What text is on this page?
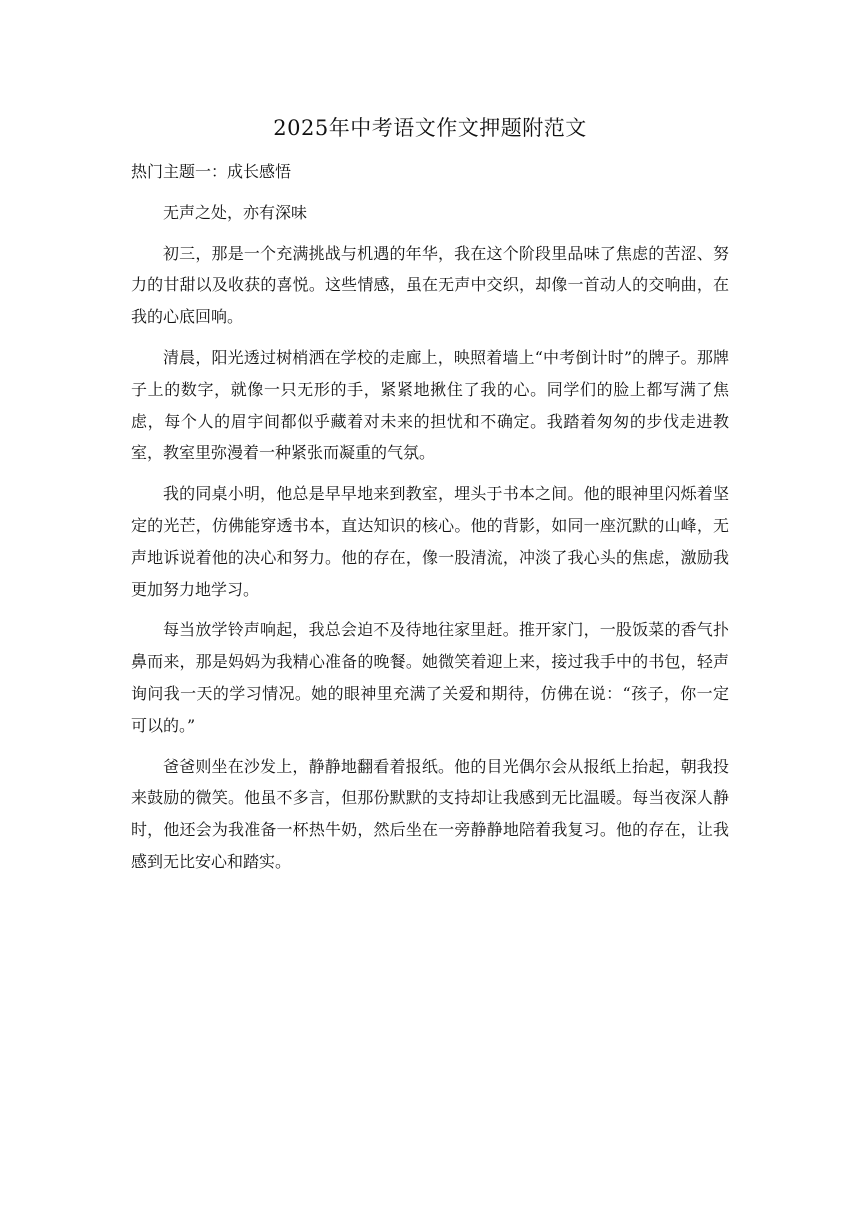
2025年中考语文作文押题附范文

热门主题一：成长感悟

无声之处，亦有深味

初三，那是一个充满挑战与机遇的年华，我在这个阶段里品味了焦虑的苦涩、努力的甘甜以及收获的喜悦。这些情感，虽在无声中交织，却像一首动人的交响曲，在我的心底回响。

清晨，阳光透过树梢洒在学校的走廊上，映照着墙上“中考倒计时”的牌子。那牌子上的数字，就像一只无形的手，紧紧地揪住了我的心。同学们的脸上都写满了焦虑，每个人的眉宇间都似乎藏着对未来的担忧和不确定。我踏着匆匆的步伐走进教室，教室里弥漫着一种紧张而凝重的气氛。

我的同桌小明，他总是早早地来到教室，埋头于书本之间。他的眼神里闪烁着坚定的光芒，仿佛能穿透书本，直达知识的核心。他的背影，如同一座沉默的山峰，无声地诉说着他的决心和努力。他的存在，像一股清流，冲淡了我心头的焦虑，激励我更加努力地学习。

每当放学铃声响起，我总会迫不及待地往家里赶。推开家门，一股饭菜的香气扑鼻而来，那是妈妈为我精心准备的晚餐。她微笑着迎上来，接过我手中的书包，轻声询问我一天的学习情况。她的眼神里充满了关爱和期待，仿佛在说：“孩子，你一定可以的。”

爸爸则坐在沙发上，静静地翻看着报纸。他的目光偶尔会从报纸上抬起，朝我投来鼓励的微笑。他虽不多言，但那份默默的支持却让我感到无比温暖。每当夜深人静时，他还会为我准备一杯热牛奶，然后坐在一旁静静地陪着我复习。他的存在，让我感到无比安心和踏实。
